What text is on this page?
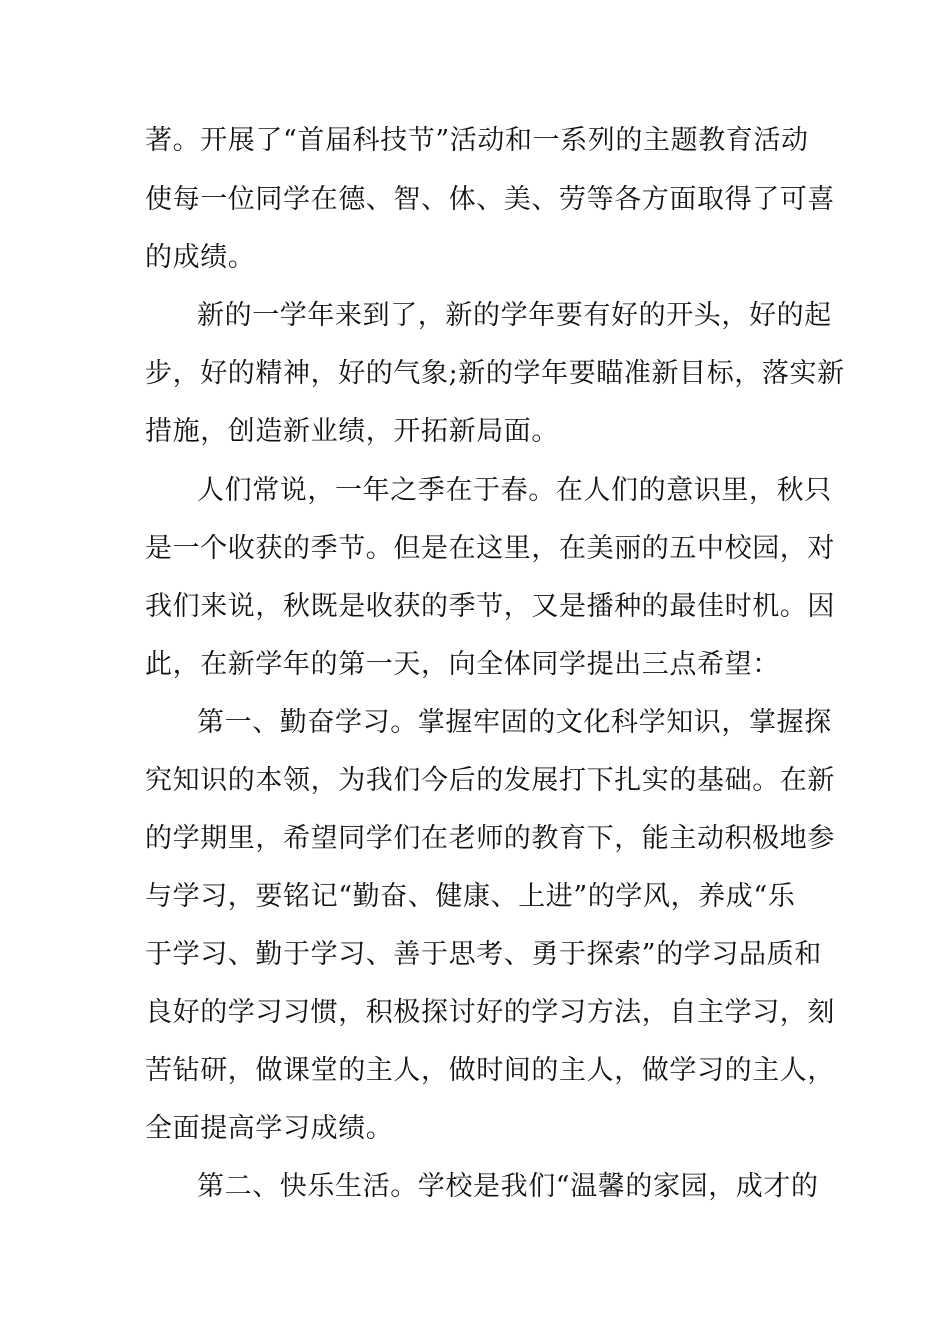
著。开展了“首届科技节”活动和一系列的主题教育活动
使每一位同学在德、智、体、美、劳等各方面取得了可喜
的成绩。
新的一学年来到了，新的学年要有好的开头，好的起
步，好的精神，好的气象;新的学年要瞄准新目标，落实新
措施，创造新业绩，开拓新局面。
人们常说，一年之季在于春。在人们的意识里，秋只
是一个收获的季节。但是在这里，在美丽的五中校园，对
我们来说，秋既是收获的季节，又是播种的最佳时机。因
此，在新学年的第一天，向全体同学提出三点希望：
第一、勤奋学习。掌握牢固的文化科学知识，掌握探
究知识的本领，为我们今后的发展打下扎实的基础。在新
的学期里，希望同学们在老师的教育下，能主动积极地参
与学习，要铭记“勤奋、健康、上进”的学风，养成“乐
于学习、勤于学习、善于思考、勇于探索”的学习品质和
良好的学习习惯，积极探讨好的学习方法，自主学习，刻
苦钻研，做课堂的主人，做时间的主人，做学习的主人，
全面提高学习成绩。
第二、快乐生活。学校是我们“温馨的家园，成才的
